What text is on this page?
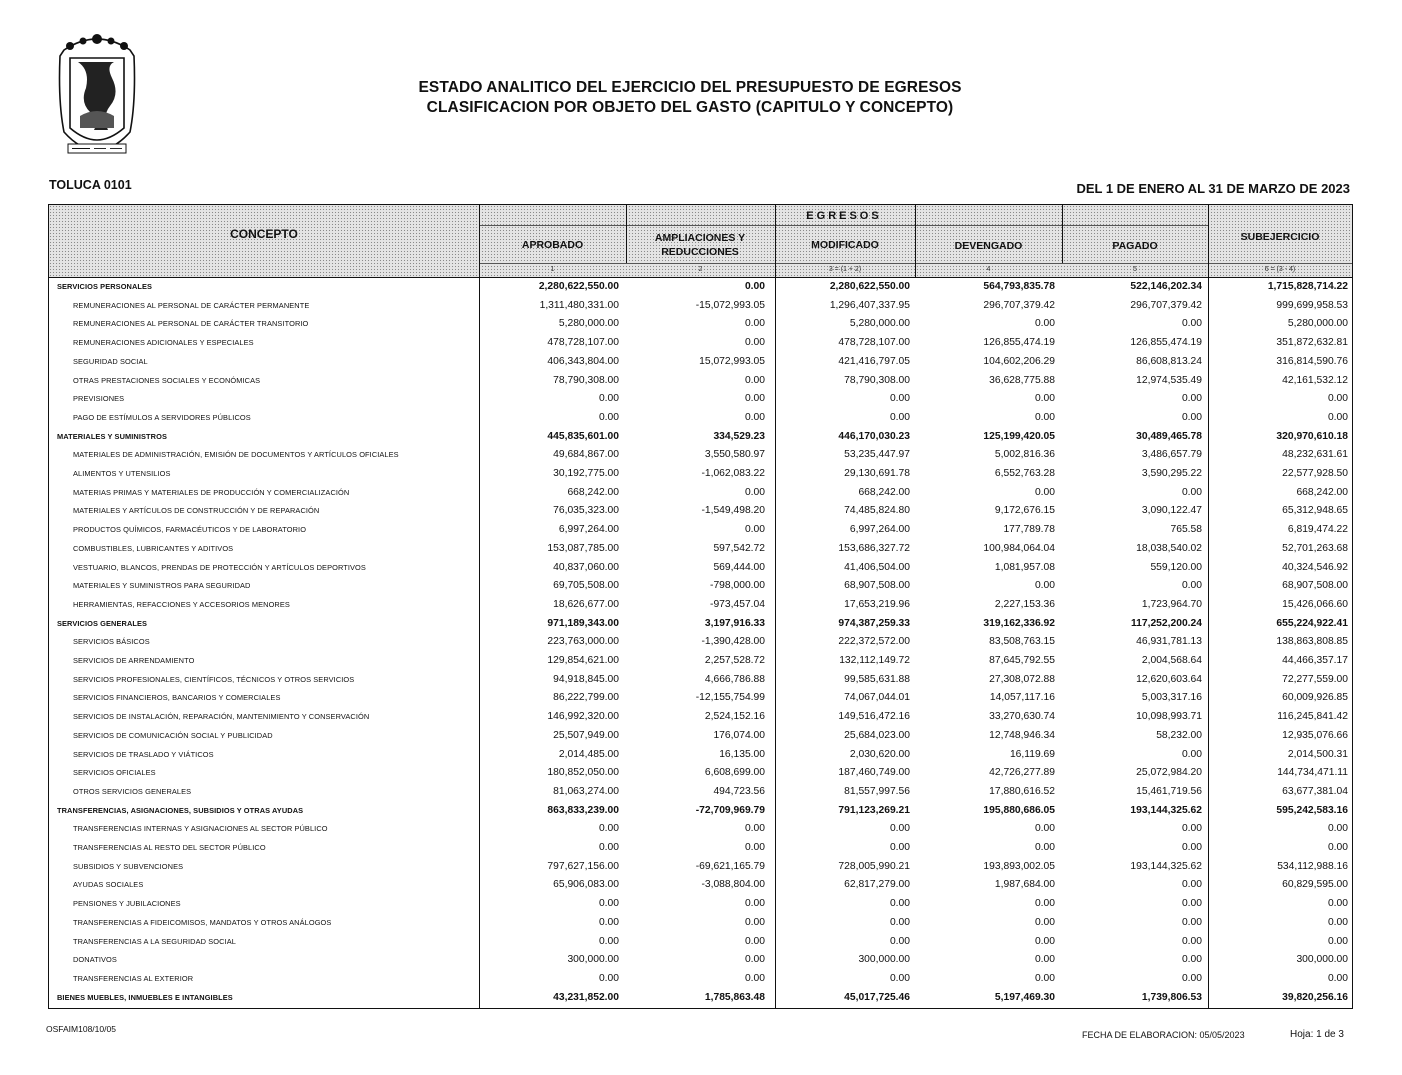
ESTADO ANALITICO DEL EJERCICIO DEL PRESUPUESTO DE EGRESOS
CLASIFICACION POR OBJETO DEL GASTO (CAPITULO Y CONCEPTO)
TOLUCA 0101	DEL 1 DE ENERO AL 31 DE MARZO DE 2023
CONCEPTO
EGRESOS
APROBADO
AMPLIACIONES Y REDUCCIONES
MODIFICADO	DEVENGADO	PAGADO
SUBEJERCICIO
1	2	3 = (1 + 2)	4	5	6 = (3 - 4)
SERVICIOS PERSONALES	2,280,622,550.00	0.00	2,280,622,550.00	564,793,835.78	522,146,202.34	1,715,828,714.22
REMUNERACIONES AL PERSONAL DE CARÁCTER PERMANENTE	1,311,480,331.00	-15,072,993.05	1,296,407,337.95	296,707,379.42	296,707,379.42	999,699,958.53
REMUNERACIONES AL PERSONAL DE CARÁCTER TRANSITORIO	5,280,000.00	0.00	5,280,000.00	0.00	0.00	5,280,000.00
REMUNERACIONES ADICIONALES Y ESPECIALES	478,728,107.00	0.00	478,728,107.00	126,855,474.19	126,855,474.19	351,872,632.81
SEGURIDAD SOCIAL	406,343,804.00	15,072,993.05	421,416,797.05	104,602,206.29	86,608,813.24	316,814,590.76
OTRAS PRESTACIONES SOCIALES Y ECONÓMICAS	78,790,308.00	0.00	78,790,308.00	36,628,775.88	12,974,535.49	42,161,532.12
PREVISIONES	0.00	0.00	0.00	0.00	0.00	0.00
PAGO DE ESTÍMULOS A SERVIDORES PÚBLICOS	0.00	0.00	0.00	0.00	0.00	0.00
MATERIALES Y SUMINISTROS	445,835,601.00	334,529.23	446,170,030.23	125,199,420.05	30,489,465.78	320,970,610.18
MATERIALES DE ADMINISTRACIÓN, EMISIÓN DE DOCUMENTOS Y ARTÍCULOS OFICIALES	49,684,867.00	3,550,580.97	53,235,447.97	5,002,816.36	3,486,657.79	48,232,631.61
ALIMENTOS Y UTENSILIOS	30,192,775.00	-1,062,083.22	29,130,691.78	6,552,763.28	3,590,295.22	22,577,928.50
MATERIAS PRIMAS Y MATERIALES DE PRODUCCIÓN Y COMERCIALIZACIÓN	668,242.00	0.00	668,242.00	0.00	0.00	668,242.00
MATERIALES Y ARTÍCULOS DE CONSTRUCCIÓN Y DE REPARACIÓN	76,035,323.00	-1,549,498.20	74,485,824.80	9,172,676.15	3,090,122.47	65,312,948.65
PRODUCTOS QUÍMICOS, FARMACÉUTICOS Y DE LABORATORIO	6,997,264.00	0.00	6,997,264.00	177,789.78	765.58	6,819,474.22
COMBUSTIBLES, LUBRICANTES Y ADITIVOS	153,087,785.00	597,542.72	153,686,327.72	100,984,064.04	18,038,540.02	52,701,263.68
VESTUARIO, BLANCOS, PRENDAS DE PROTECCIÓN Y ARTÍCULOS DEPORTIVOS	40,837,060.00	569,444.00	41,406,504.00	1,081,957.08	559,120.00	40,324,546.92
MATERIALES Y SUMINISTROS PARA SEGURIDAD	69,705,508.00	-798,000.00	68,907,508.00	0.00	0.00	68,907,508.00
HERRAMIENTAS, REFACCIONES Y ACCESORIOS MENORES	18,626,677.00	-973,457.04	17,653,219.96	2,227,153.36	1,723,964.70	15,426,066.60
SERVICIOS GENERALES	971,189,343.00	3,197,916.33	974,387,259.33	319,162,336.92	117,252,200.24	655,224,922.41
SERVICIOS BÁSICOS	223,763,000.00	-1,390,428.00	222,372,572.00	83,508,763.15	46,931,781.13	138,863,808.85
SERVICIOS DE ARRENDAMIENTO	129,854,621.00	2,257,528.72	132,112,149.72	87,645,792.55	2,004,568.64	44,466,357.17
SERVICIOS PROFESIONALES, CIENTÍFICOS, TÉCNICOS Y OTROS SERVICIOS	94,918,845.00	4,666,786.88	99,585,631.88	27,308,072.88	12,620,603.64	72,277,559.00
SERVICIOS FINANCIEROS, BANCARIOS Y COMERCIALES	86,222,799.00	-12,155,754.99	74,067,044.01	14,057,117.16	5,003,317.16	60,009,926.85
SERVICIOS DE INSTALACIÓN, REPARACIÓN, MANTENIMIENTO Y CONSERVACIÓN	146,992,320.00	2,524,152.16	149,516,472.16	33,270,630.74	10,098,993.71	116,245,841.42
SERVICIOS DE COMUNICACIÓN SOCIAL Y PUBLICIDAD	25,507,949.00	176,074.00	25,684,023.00	12,748,946.34	58,232.00	12,935,076.66
SERVICIOS DE TRASLADO Y VIÁTICOS	2,014,485.00	16,135.00	2,030,620.00	16,119.69	0.00	2,014,500.31
SERVICIOS OFICIALES	180,852,050.00	6,608,699.00	187,460,749.00	42,726,277.89	25,072,984.20	144,734,471.11
OTROS SERVICIOS GENERALES	81,063,274.00	494,723.56	81,557,997.56	17,880,616.52	15,461,719.56	63,677,381.04
TRANSFERENCIAS, ASIGNACIONES, SUBSIDIOS Y OTRAS AYUDAS	863,833,239.00	-72,709,969.79	791,123,269.21	195,880,686.05	193,144,325.62	595,242,583.16
TRANSFERENCIAS INTERNAS Y ASIGNACIONES AL SECTOR PÚBLICO	0.00	0.00	0.00	0.00	0.00	0.00
TRANSFERENCIAS AL RESTO DEL SECTOR PÚBLICO	0.00	0.00	0.00	0.00	0.00	0.00
SUBSIDIOS Y SUBVENCIONES	797,627,156.00	-69,621,165.79	728,005,990.21	193,893,002.05	193,144,325.62	534,112,988.16
AYUDAS SOCIALES	65,906,083.00	-3,088,804.00	62,817,279.00	1,987,684.00	0.00	60,829,595.00
PENSIONES Y JUBILACIONES	0.00	0.00	0.00	0.00	0.00	0.00
TRANSFERENCIAS A FIDEICOMISOS, MANDATOS Y OTROS ANÁLOGOS	0.00	0.00	0.00	0.00	0.00	0.00
TRANSFERENCIAS A LA SEGURIDAD SOCIAL	0.00	0.00	0.00	0.00	0.00	0.00
DONATIVOS	300,000.00	0.00	300,000.00	0.00	0.00	300,000.00
TRANSFERENCIAS AL EXTERIOR	0.00	0.00	0.00	0.00	0.00	0.00
BIENES MUEBLES, INMUEBLES E INTANGIBLES	43,231,852.00	1,785,863.48	45,017,725.46	5,197,469.30	1,739,806.53	39,820,256.16
OSFAIM108/10/05
FECHA DE ELABORACION: 05/05/2023	Hoja: 1 de 3
